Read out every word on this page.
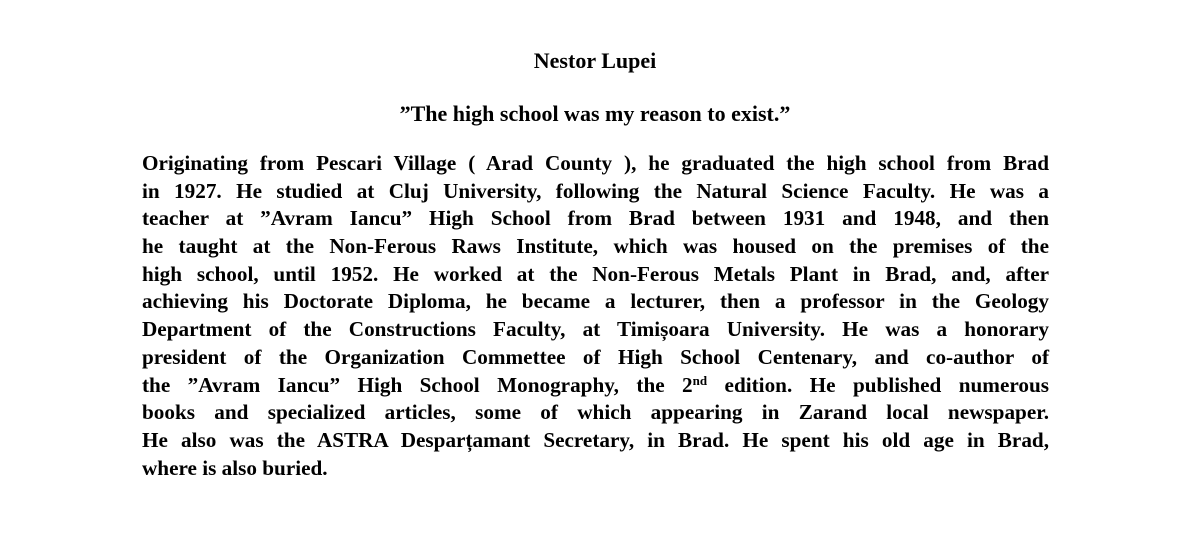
Nestor Lupei
”The high school was my reason to exist.”
Originating from Pescari Village ( Arad County ), he graduated the high school from Brad
in 1927. He studied at Cluj University, following the Natural Science Faculty. He was a
teacher at ”Avram Iancu” High School from Brad between 1931 and 1948, and then
he taught at the Non-Ferous Raws Institute, which was housed on the premises of the
high school, until 1952. He worked at the Non-Ferous Metals Plant in Brad, and, after
achieving his Doctorate Diploma, he became a lecturer, then a professor in the Geology
Department of the Constructions Faculty, at Timișoara University. He was a honorary
president of the Organization Commettee of High School Centenary, and co-author of
the ”Avram Iancu” High School Monography, the 2nd edition. He published numerous
books and specialized articles, some of which appearing in Zarand local newspaper.
He also was the ASTRA Desparțamant Secretary, in Brad. He spent his old age in Brad,
where is also buried.
